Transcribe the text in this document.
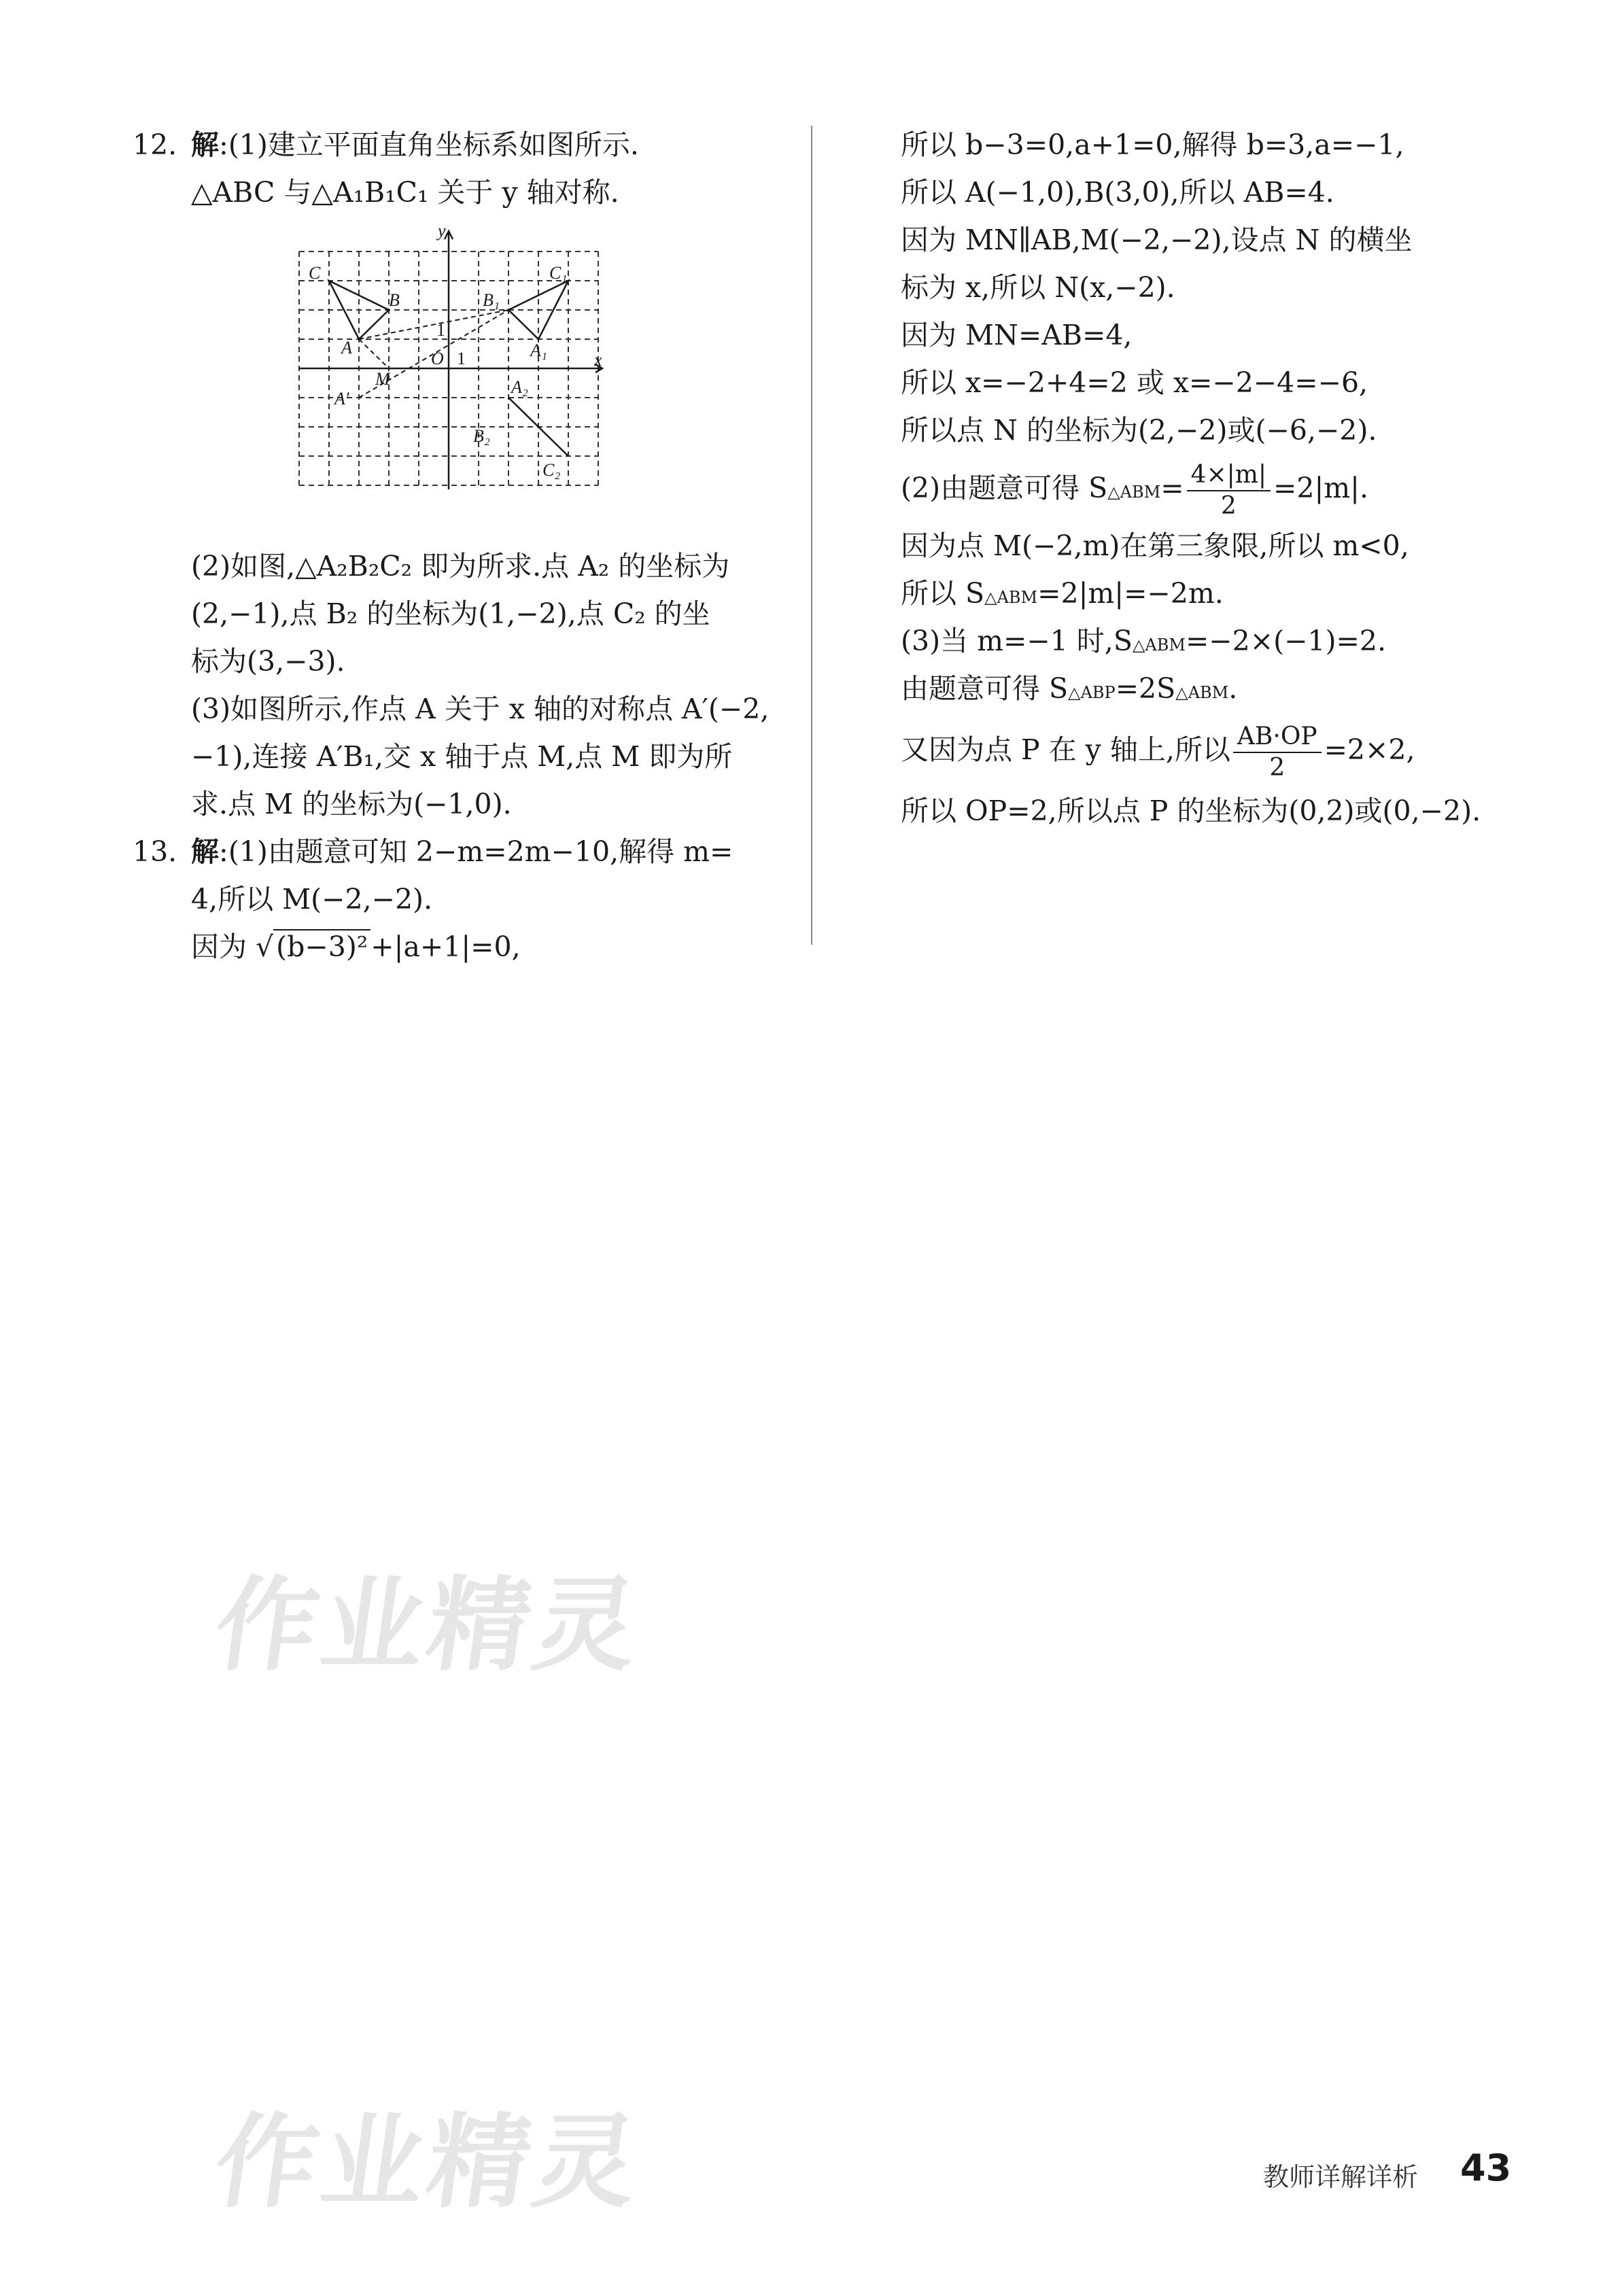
12. 解:(1)建立平面直角坐标系如图所示.
△ABC 与△A₁B₁C₁ 关于 y 轴对称.
(2)如图,△A₂B₂C₂ 即为所求.点 A₂ 的坐标为
(2,−1),点 B₂ 的坐标为(1,−2),点 C₂ 的坐
标为(3,−3).
(3)如图所示,作点 A 关于 x 轴的对称点 A′(−2,
−1),连接 A′B₁,交 x 轴于点 M,点 M 即为所
求.点 M 的坐标为(−1,0).
13. 解:(1)由题意可知 2−m=2m−10,解得 m=
4,所以 M(−2,−2).
因为 √(b−3)²+|a+1|=0,
y
x
O 1
1
C
B
A
C₁
B₁
A₁
A₂
B₂
C₂
A′
M
所以 b−3=0,a+1=0,解得 b=3,a=−1,
所以 A(−1,0),B(3,0),所以 AB=4.
因为 MN∥AB,M(−2,−2),设点 N 的横坐
标为 x,所以 N(x,−2).
因为 MN=AB=4,
所以 x=−2+4=2 或 x=−2−4=−6,
所以点 N 的坐标为(2,−2)或(−6,−2).
(2)由题意可得 S△ABM= $\frac{4\times|m|}{2} =2|m|$.
因为点 M(−2,m)在第三象限,所以 m<0,
所以 S△ABM=2|m|=−2m.
(3)当 m=−1 时,S△ABM=−2×(−1)=2.
由题意可得 S△ABP=2S△ABM.
又因为点 P 在 y 轴上,所以 $\frac{AB\cdot OP}{2} =2\times 2$,
所以 OP=2,所以点 P 的坐标为(0,2)或(0,−2).
作业精灵
作业精灵	教师详解详析 43
